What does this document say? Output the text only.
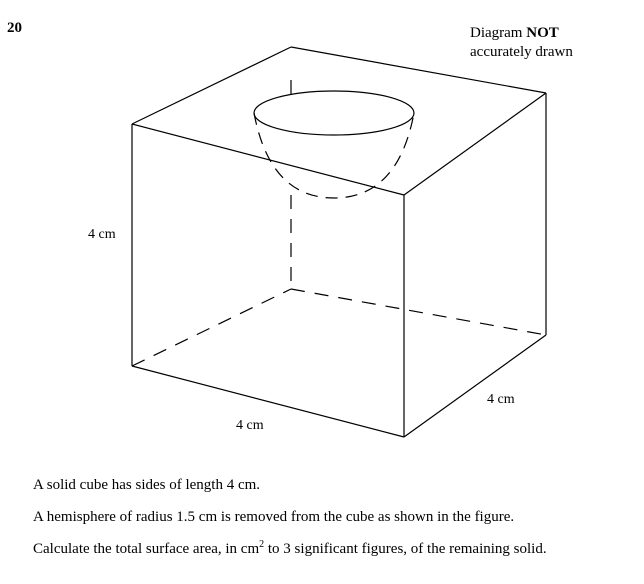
20	Diagram NOT
accurately drawn
4 cm
4 cm
4 cm
A solid cube has sides of length 4 cm.
A hemisphere of radius 1.5 cm is removed from the cube as shown in the figure.
Calculate the total surface area, in $cm^2$ to 3 significant figures, of the remaining solid.
